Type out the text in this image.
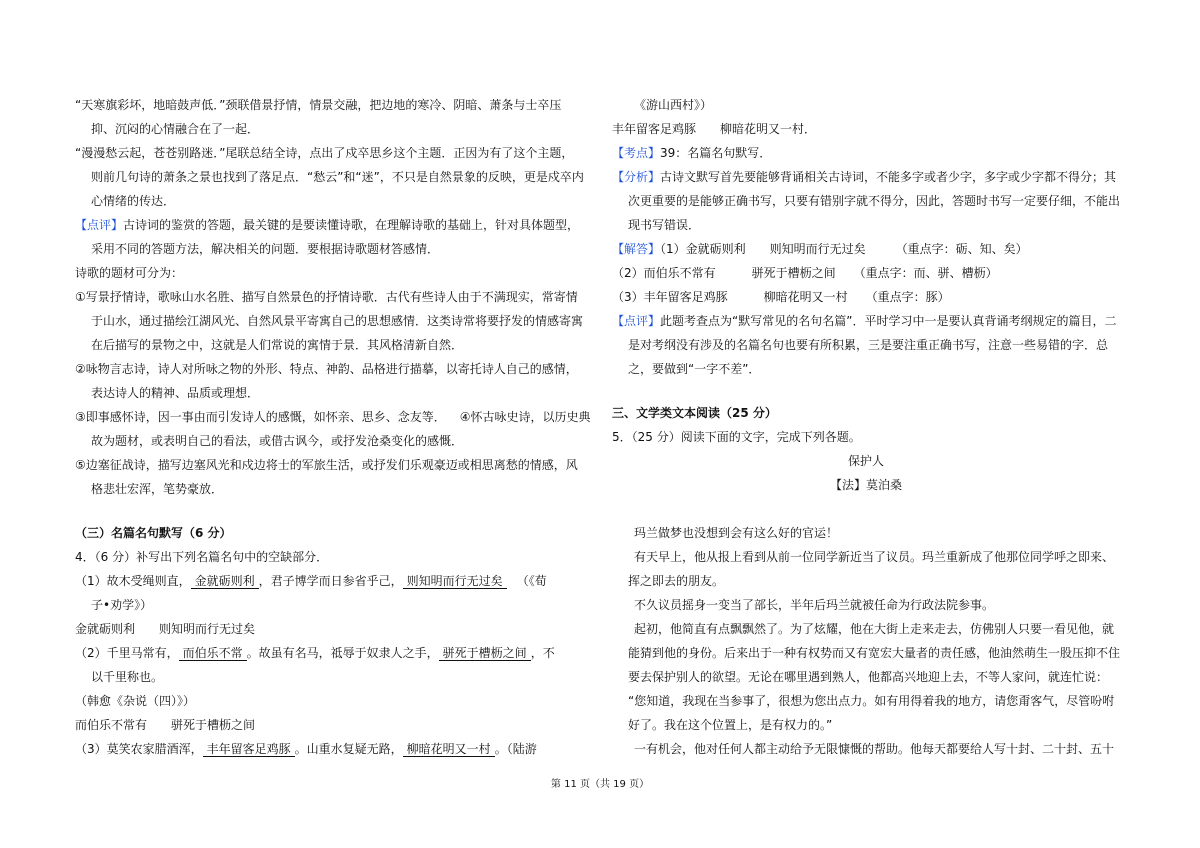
“天寒旗彩坏，地暗鼓声低．”颈联借景抒情，情景交融，把边地的寒冷、阴暗、萧条与士卒压
抑、沉闷的心情融合在了一起．
“漫漫愁云起，苍苍别路迷．”尾联总结全诗，点出了戍卒思乡这个主题．正因为有了这个主题，
则前几句诗的萧条之景也找到了落足点．“愁云”和“迷”，不只是自然景象的反映，更是戍卒内
心情绪的传达．
【点评】古诗词的鉴赏的答题，最关键的是要读懂诗歌，在理解诗歌的基础上，针对具体题型，
采用不同的答题方法，解决相关的问题．要根据诗歌题材答感情．
诗歌的题材可分为：
①写景抒情诗，歌咏山水名胜、描写自然景色的抒情诗歌．古代有些诗人由于不满现实，常寄情
于山水，通过描绘江湖风光、自然风景平寄寓自己的思想感情．这类诗常将要抒发的情感寄寓
在后描写的景物之中，这就是人们常说的寓情于景．其风格清新自然．
②咏物言志诗，诗人对所咏之物的外形、特点、神韵、品格进行描摹，以寄托诗人自己的感情，
表达诗人的精神、品质或理想．
③即事感怀诗，因一事由而引发诗人的感慨，如怀亲、思乡、念友等． ④怀古咏史诗，以历史典
故为题材，或表明自己的看法，或借古讽今，或抒发沧桑变化的感慨．
⑤边塞征战诗，描写边塞风光和戍边将士的军旅生活，或抒发们乐观豪迈或相思离愁的情感，风
格悲壮宏浑，笔势豪放．
（三）名篇名句默写（6 分）
4．（6 分）补写出下列名篇名句中的空缺部分．
（1）故木受绳则直， 金就砺则利 ，君子博学而日参省乎己， 则知明而行无过矣 （《荀
子•劝学》）
金就砺则利　　则知明而行无过矣
（2）千里马常有， 而伯乐不常 。故虽有名马，祗辱于奴隶人之手， 骈死于槽枥之间 ，不
以千里称也。
（韩愈《杂说（四）》）
而伯乐不常有　　骈死于槽枥之间
（3）莫笑农家腊酒浑， 丰年留客足鸡豚 。山重水复疑无路， 柳暗花明又一村 。（陆游
《游山西村》）
丰年留客足鸡豚　　柳暗花明又一村．
【考点】39：名篇名句默写．
【分析】古诗文默写首先要能够背诵相关古诗词，不能多字或者少字，多字或少字都不得分；其
次更重要的是能够正确书写，只要有错别字就不得分，因此，答题时书写一定要仔细，不能出
现书写错误．
【解答】（1）金就砺则利　　则知明而行无过矣　　　（重点字：砺、知、矣）
（2）而伯乐不常有　　　骈死于槽枥之间　　（重点字：而、骈、槽枥）
（3）丰年留客足鸡豚　　　柳暗花明又一村　　（重点字：豚）
【点评】此题考查点为“默写常见的名句名篇”．平时学习中一是要认真背诵考纲规定的篇目，二
是对考纲没有涉及的名篇名句也要有所积累，三是要注重正确书写，注意一些易错的字．总
之，要做到“一字不差”．
三、文学类文本阅读（25 分）
5．（25 分）阅读下面的文字，完成下列各题。
保护人
【法】莫泊桑
玛兰做梦也没想到会有这么好的官运！
有天早上，他从报上看到从前一位同学新近当了议员。玛兰重新成了他那位同学呼之即来、
挥之即去的朋友。
不久议员摇身一变当了部长，半年后玛兰就被任命为行政法院参事。
起初，他简直有点飘飘然了。为了炫耀，他在大街上走来走去，仿佛别人只要一看见他，就
能猜到他的身份。后来出于一种有权势而又有宽宏大量者的责任感，他油然萌生一股压抑不住
要去保护别人的欲望。无论在哪里遇到熟人，他都高兴地迎上去，不等人家问，就连忙说：
“您知道，我现在当参事了，很想为您出点力。如有用得着我的地方，请您甭客气，尽管吩咐
好了。我在这个位置上，是有权力的。”
一有机会，他对任何人都主动给予无限慷慨的帮助。他每天都要给人写十封、二十封、五十
第 11 页（共 19 页）
